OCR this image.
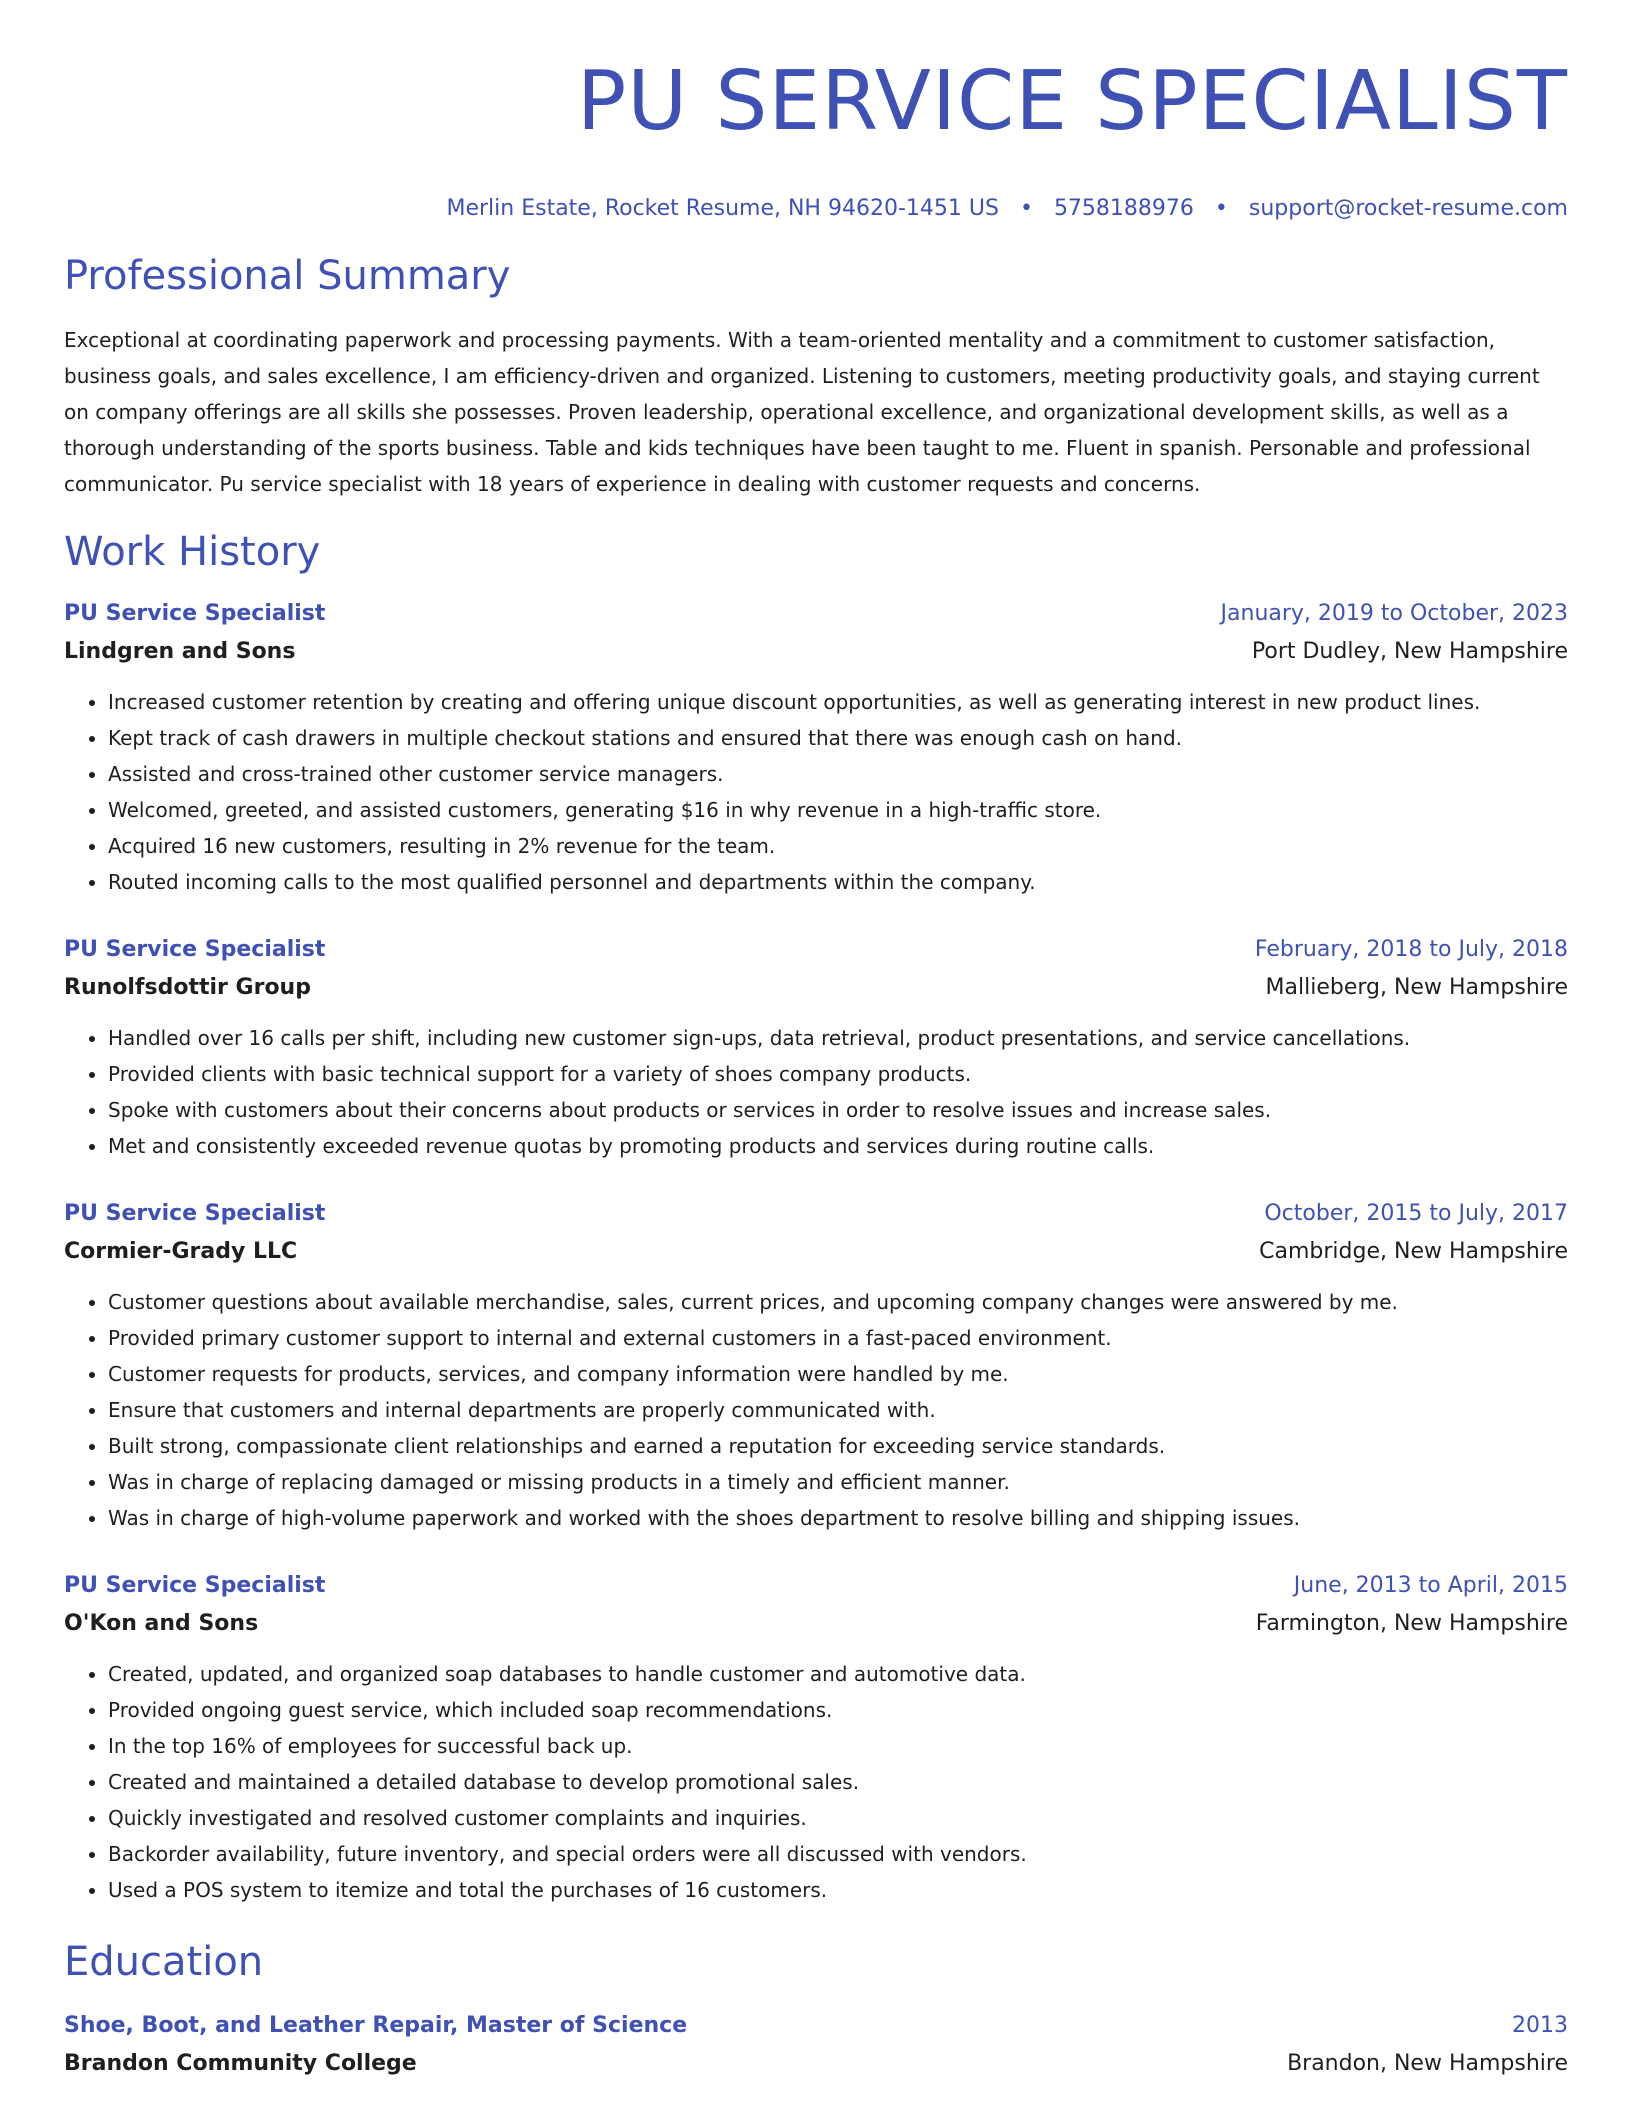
PU SERVICE SPECIALIST
Merlin Estate, Rocket Resume, NH 94620-1451 US • 5758188976 • support@rocket-resume.com
Professional Summary
Exceptional at coordinating paperwork and processing payments. With a team-oriented mentality and a commitment to customer satisfaction, business goals, and sales excellence, I am efficiency-driven and organized. Listening to customers, meeting productivity goals, and staying current on company offerings are all skills she possesses. Proven leadership, operational excellence, and organizational development skills, as well as a thorough understanding of the sports business. Table and kids techniques have been taught to me. Fluent in spanish. Personable and professional communicator. Pu service specialist with 18 years of experience in dealing with customer requests and concerns.
Work History
PU Service Specialist	January, 2019 to October, 2023
Lindgren and Sons	Port Dudley, New Hampshire
• Increased customer retention by creating and offering unique discount opportunities, as well as generating interest in new product lines.
• Kept track of cash drawers in multiple checkout stations and ensured that there was enough cash on hand.
• Assisted and cross-trained other customer service managers.
• Welcomed, greeted, and assisted customers, generating $16 in why revenue in a high-traffic store.
• Acquired 16 new customers, resulting in 2% revenue for the team.
• Routed incoming calls to the most qualified personnel and departments within the company.
PU Service Specialist	February, 2018 to July, 2018
Runolfsdottir Group	Mallieberg, New Hampshire
• Handled over 16 calls per shift, including new customer sign-ups, data retrieval, product presentations, and service cancellations.
• Provided clients with basic technical support for a variety of shoes company products.
• Spoke with customers about their concerns about products or services in order to resolve issues and increase sales.
• Met and consistently exceeded revenue quotas by promoting products and services during routine calls.
PU Service Specialist	October, 2015 to July, 2017
Cormier-Grady LLC	Cambridge, New Hampshire
• Customer questions about available merchandise, sales, current prices, and upcoming company changes were answered by me.
• Provided primary customer support to internal and external customers in a fast-paced environment.
• Customer requests for products, services, and company information were handled by me.
• Ensure that customers and internal departments are properly communicated with.
• Built strong, compassionate client relationships and earned a reputation for exceeding service standards.
• Was in charge of replacing damaged or missing products in a timely and efficient manner.
• Was in charge of high-volume paperwork and worked with the shoes department to resolve billing and shipping issues.
PU Service Specialist	June, 2013 to April, 2015
O'Kon and Sons	Farmington, New Hampshire
• Created, updated, and organized soap databases to handle customer and automotive data.
• Provided ongoing guest service, which included soap recommendations.
• In the top 16% of employees for successful back up.
• Created and maintained a detailed database to develop promotional sales.
• Quickly investigated and resolved customer complaints and inquiries.
• Backorder availability, future inventory, and special orders were all discussed with vendors.
• Used a POS system to itemize and total the purchases of 16 customers.
Education
Shoe, Boot, and Leather Repair, Master of Science	2013
Brandon Community College	Brandon, New Hampshire
